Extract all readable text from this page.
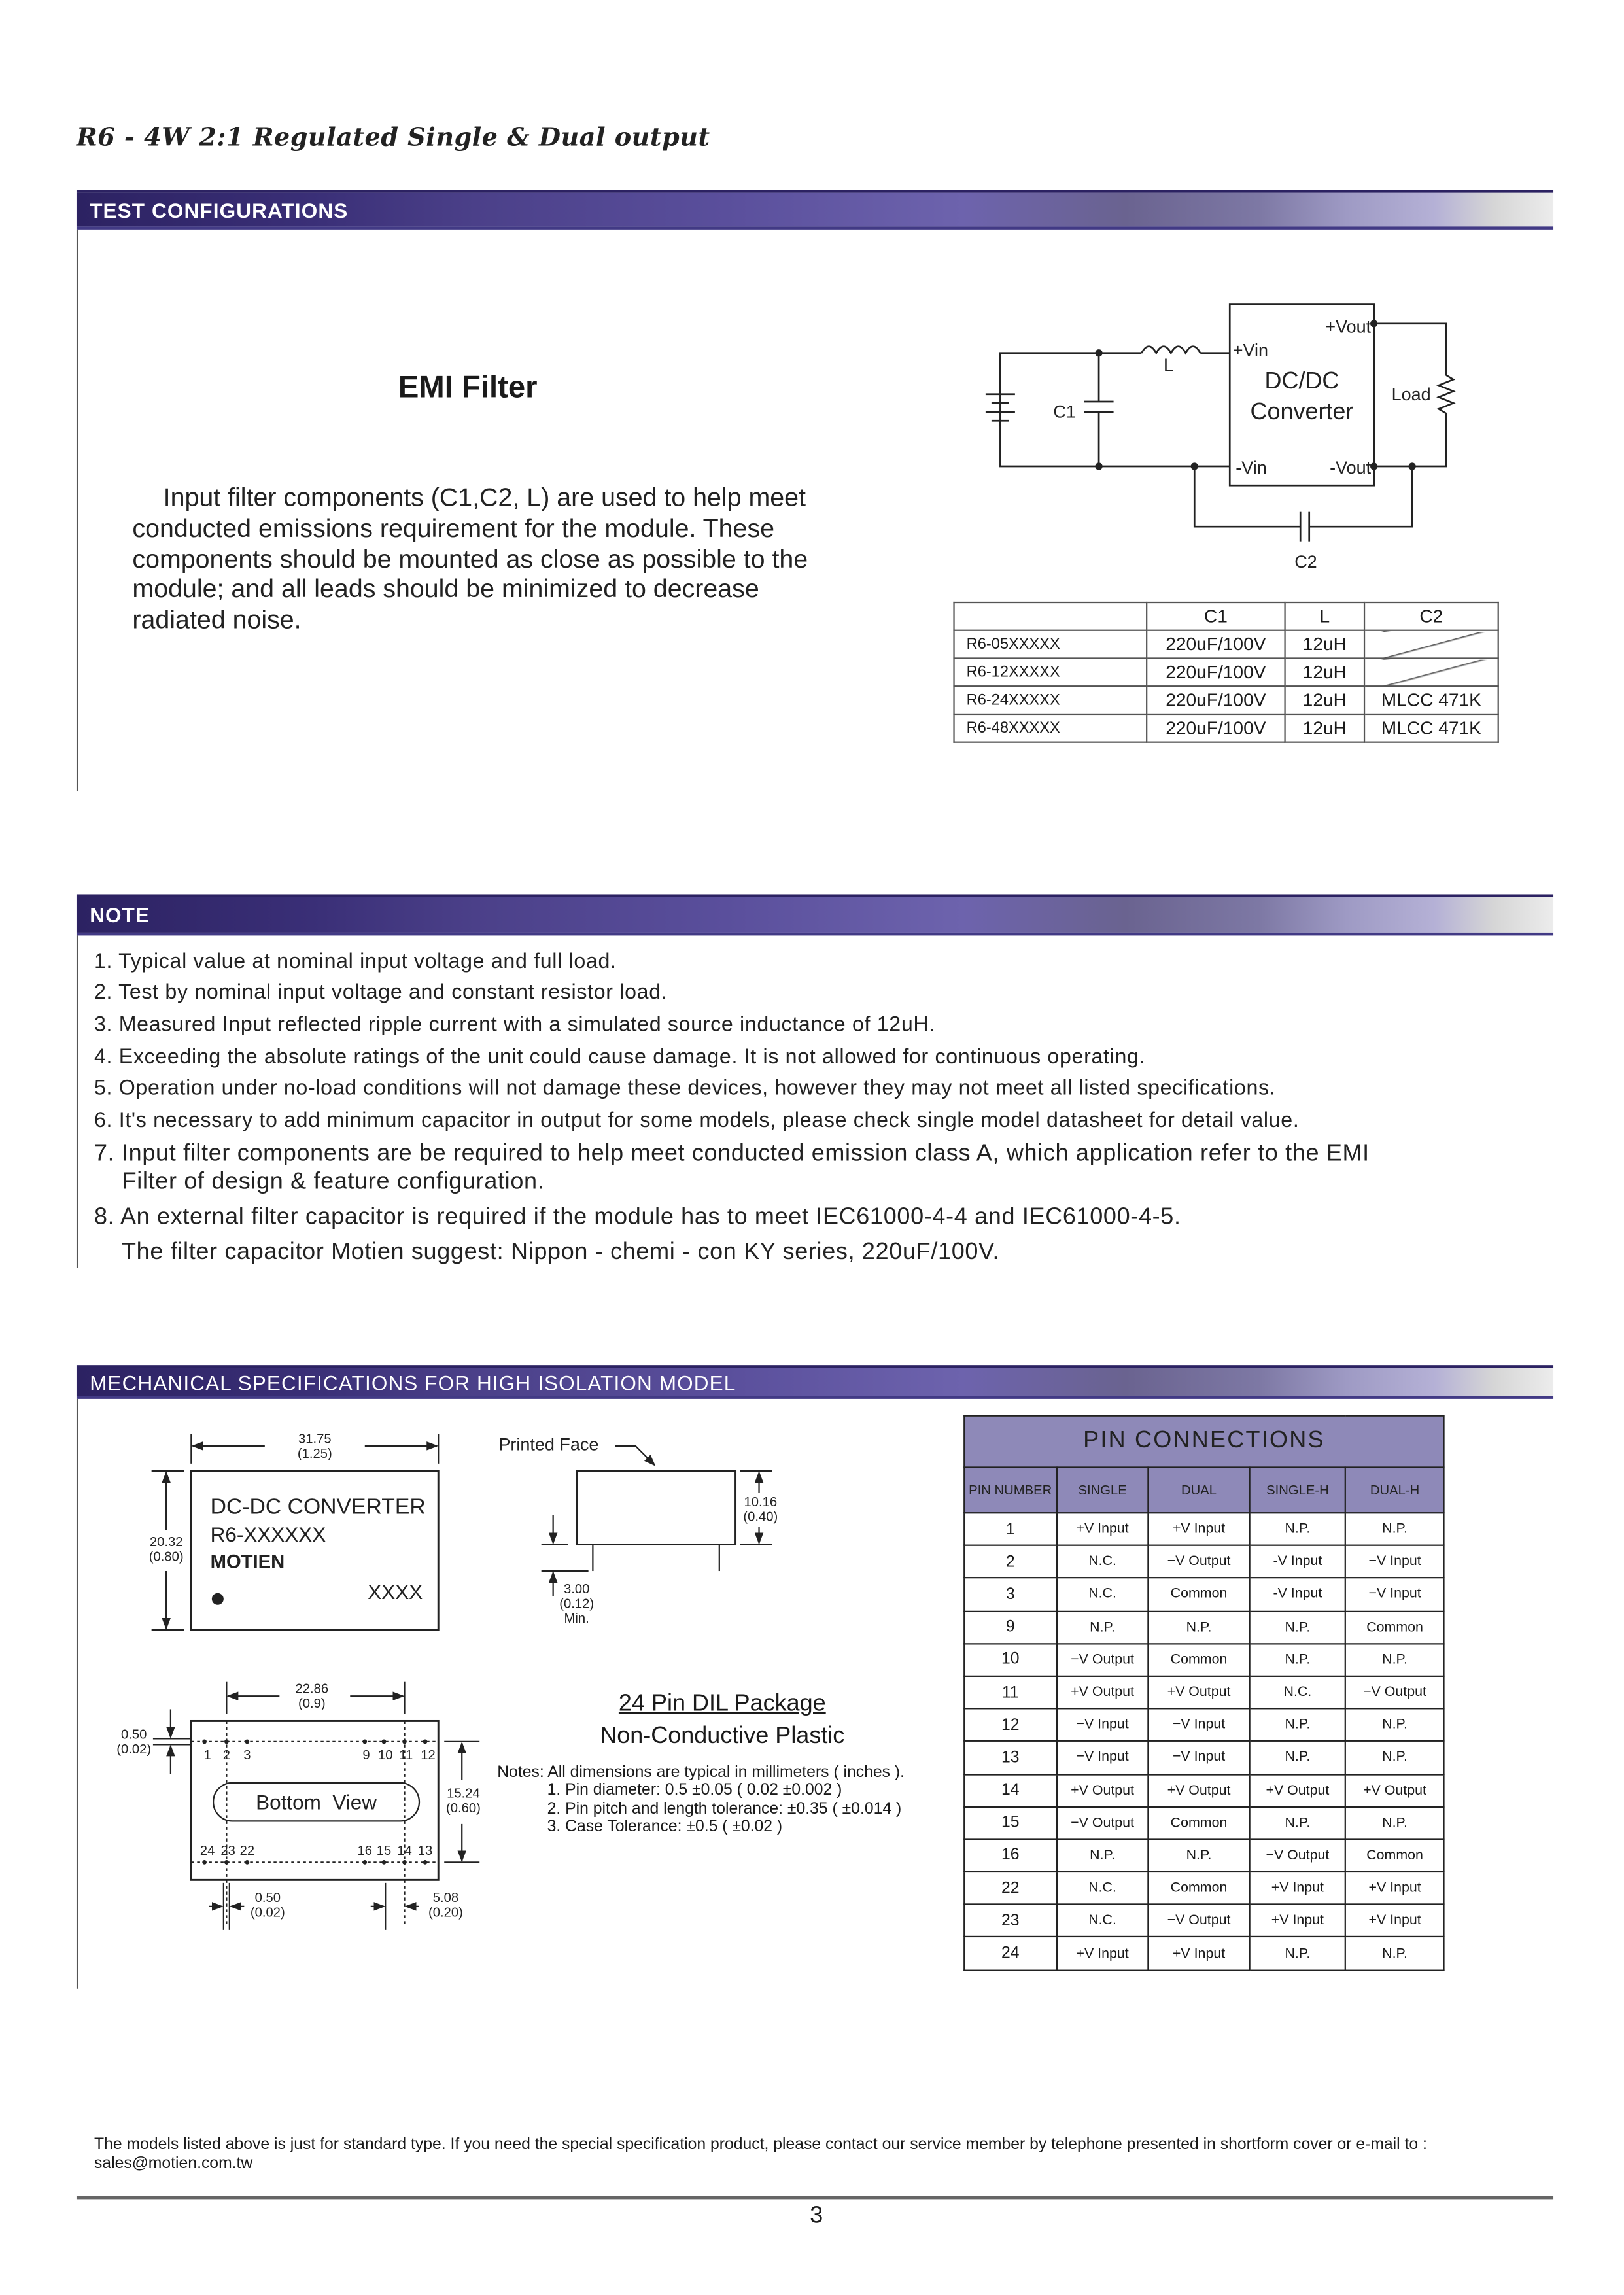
R6 - 4W 2:1 Regulated Single & Dual output
TEST CONFIGURATIONS
EMI Filter
Input filter components (C1,C2, L) are used to help meet conducted emissions requirement for the module. These components should be mounted as close as possible to the module; and all leads should be minimized to decrease radiated noise.
+Vout
+Vin
DC/DC
Converter
-Vin	-Vout
Load
C1
L
C2
	C1	L	C2
R6-05XXXXX	220uF/100V	12uH	
R6-12XXXXX	220uF/100V	12uH	
R6-24XXXXX	220uF/100V	12uH	MLCC 471K
R6-48XXXXX	220uF/100V	12uH	MLCC 471K
NOTE
1. Typical value at nominal input voltage and full load.
2. Test by nominal input voltage and constant resistor load.
3. Measured Input reflected ripple current with a simulated source inductance of 12uH.
4. Exceeding the absolute ratings of the unit could cause damage. It is not allowed for continuous operating.
5. Operation under no-load conditions will not damage these devices, however they may not meet all listed specifications.
6. It's necessary to add minimum capacitor in output for some models, please check single model datasheet for detail value.
7. Input filter components are be required to help meet conducted emission class A, which application refer to the EMI
Filter of design & feature configuration.
8. An external filter capacitor is required if the module has to meet IEC61000-4-4 and IEC61000-4-5.
The filter capacitor Motien suggest: Nippon - chemi - con KY series, 220uF/100V.
MECHANICAL SPECIFICATIONS FOR HIGH ISOLATION MODEL
31.75
(1.25)
20.32
(0.80)
10.16
(0.40)
3.00
(0.12)
Min.
22.86
(0.9)
0.50
(0.02)
15.24
(0.60)
0.50
(0.02)
5.08
(0.20)
1 2 3	9 10 11 12
24 23 22	16 15 14 13
DC-DC CONVERTER
R6-XXXXXX
MOTIEN
XXXX
Printed Face
Bottom  View
24 Pin DIL Package
Non-Conductive Plastic
Notes: All dimensions are typical in millimeters ( inches ).
1. Pin diameter: 0.5 ±0.05 ( 0.02 ±0.002 )
2. Pin pitch and length tolerance: ±0.35 ( ±0.014 )
3. Case Tolerance: ±0.5 ( ±0.02 )
PIN CONNECTIONS				
PIN NUMBER	SINGLE	DUAL	SINGLE-H	DUAL-H
1	+V Input	+V Input	N.P.	N.P.
2	N.C.	−V Output	-V Input	−V Input
3	N.C.	Common	-V Input	−V Input
9	N.P.	N.P.	N.P.	Common
10	−V Output	Common	N.P.	N.P.
11	+V Output	+V Output	N.C.	−V Output
12	−V Input	−V Input	N.P.	N.P.
13	−V Input	−V Input	N.P.	N.P.
14	+V Output	+V Output	+V Output	+V Output
15	−V Output	Common	N.P.	N.P.
16	N.P.	N.P.	−V Output	Common
22	N.C.	Common	+V Input	+V Input
23	N.C.	−V Output	+V Input	+V Input
24	+V Input	+V Input	N.P.	N.P.
The models listed above is just for standard type. If you need the special specification product, please contact our service member by telephone presented in shortform cover or e-mail to : sales@motien.com.tw
3
